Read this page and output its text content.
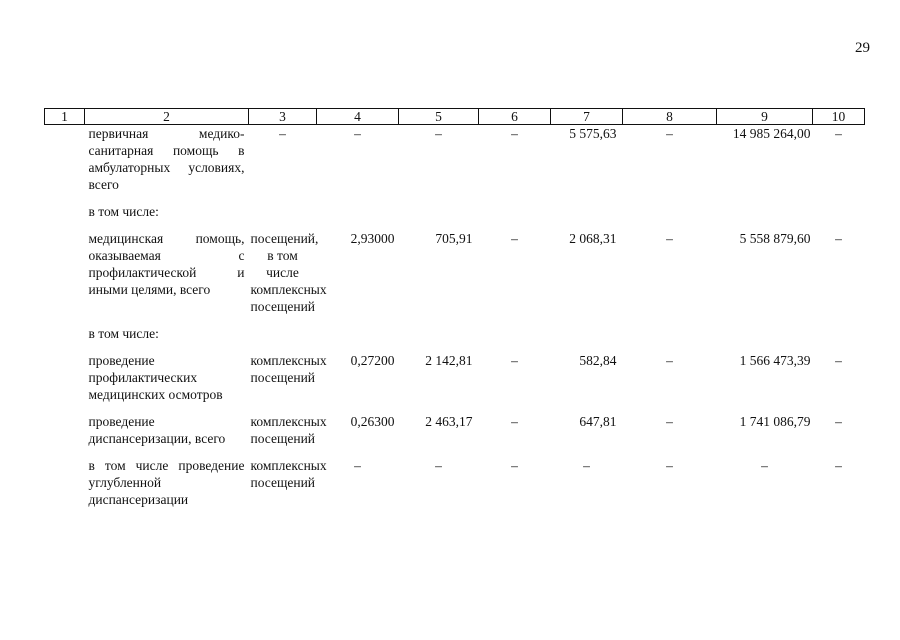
29
1	2	3	4	5	6	7	8	9	10
	первичная медико-санитарная помощь в амбулаторных условиях, всего	–	–	–	–	5 575,63	–	14 985 264,00	–

	в том числе:								

	медицинская помощь, оказываемая с профилактической и иными целями, всего	посещений, в том числе комплексных посещений	2,93000	705,91	–	2 068,31	–	5 558 879,60	–

	в том числе:								

	проведение профилактических медицинских осмотров	комплексных посещений	0,27200	2 142,81	–	582,84	–	1 566 473,39	–

	проведение диспансеризации, всего	комплексных посещений	0,26300	2 463,17	–	647,81	–	1 741 086,79	–

	в том числе проведение углубленной диспансеризации	комплексных посещений	–	–	–	–	–	–	–
